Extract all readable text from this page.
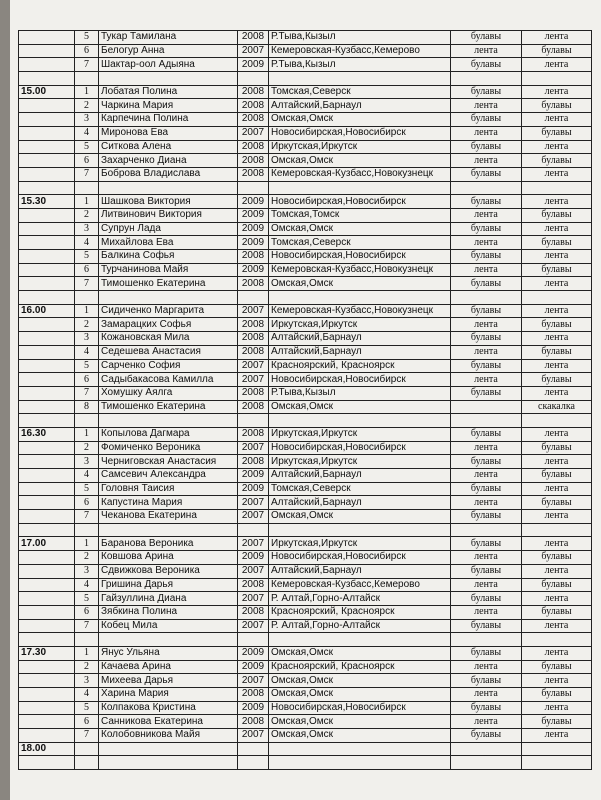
	5	Тукар Тамилана	2008	Р.Тыва,Кызыл	булавы	лента
	6	Белогур Анна	2007	Кемеровская-Кузбасс,Кемерово	лента	булавы
	7	Шактар-оол Адыяна	2009	Р.Тыва,Кызыл	булавы	лента

15.00	1	Лобатая Полина	2008	Томская,Северск	булавы	лента
	2	Чаркина Мария	2008	Алтайский,Барнаул	лента	булавы
	3	Карпечина Полина	2008	Омская,Омск	булавы	лента
	4	Миронова Ева	2007	Новосибирская,Новосибирск	лента	булавы
	5	Ситкова Алена	2008	Иркутская,Иркутск	булавы	лента
	6	Захарченко Диана	2008	Омская,Омск	лента	булавы
	7	Боброва Владислава	2008	Кемеровская-Кузбасс,Новокузнецк	булавы	лента

15.30	1	Шашкова Виктория	2009	Новосибирская,Новосибирск	булавы	лента
	2	Литвинович Виктория	2009	Томская,Томск	лента	булавы
	3	Супрун Лада	2009	Омская,Омск	булавы	лента
	4	Михайлова Ева	2009	Томская,Северск	лента	булавы
	5	Балкина Софья	2008	Новосибирская,Новосибирск	булавы	лента
	6	Турчанинова Майя	2009	Кемеровская-Кузбасс,Новокузнецк	лента	булавы
	7	Тимошенко Екатерина	2008	Омская,Омск	булавы	лента

16.00	1	Сидиченко Маргарита	2007	Кемеровская-Кузбасс,Новокузнецк	булавы	лента
	2	Замарацких Софья	2008	Иркутская,Иркутск	лента	булавы
	3	Кожановская Мила	2008	Алтайский,Барнаул	булавы	лента
	4	Седешева Анастасия	2008	Алтайский,Барнаул	лента	булавы
	5	Сарченко София	2007	Красноярский, Красноярск	булавы	лента
	6	Садыбакасова Камилла	2007	Новосибирская,Новосибирск	лента	булавы
	7	Хомушку Аялга	2008	Р.Тыва,Кызыл	булавы	лента
	8	Тимошенко Екатерина	2008	Омская,Омск		скакалка

16.30	1	Копылова Дагмара	2008	Иркутская,Иркутск	булавы	лента
	2	Фомиченко Вероника	2007	Новосибирская,Новосибирск	лента	булавы
	3	Черниговская Анастасия	2008	Иркутская,Иркутск	булавы	лента
	4	Самсевич Александра	2009	Алтайский,Барнаул	лента	булавы
	5	Головня Таисия	2009	Томская,Северск	булавы	лента
	6	Капустина Мария	2007	Алтайский,Барнаул	лента	булавы
	7	Чеканова Екатерина	2007	Омская,Омск	булавы	лента

17.00	1	Баранова Вероника	2007	Иркутская,Иркутск	булавы	лента
	2	Ковшова Арина	2009	Новосибирская,Новосибирск	лента	булавы
	3	Сдвижкова Вероника	2007	Алтайский,Барнаул	булавы	лента
	4	Гришина Дарья	2008	Кемеровская-Кузбасс,Кемерово	лента	булавы
	5	Гайзуллина Диана	2007	Р. Алтай,Горно-Алтайск	булавы	лента
	6	Зябкина Полина	2008	Красноярский, Красноярск	лента	булавы
	7	Кобец Мила	2007	Р. Алтай,Горно-Алтайск	булавы	лента

17.30	1	Янус Ульяна	2009	Омская,Омск	булавы	лента
	2	Качаева Арина	2009	Красноярский, Красноярск	лента	булавы
	3	Михеева Дарья	2007	Омская,Омск	булавы	лента
	4	Харина Мария	2008	Омская,Омск	лента	булавы
	5	Колпакова Кристина	2009	Новосибирская,Новосибирск	булавы	лента
	6	Санникова Екатерина	2008	Омская,Омск	лента	булавы
	7	Колобовникова Майя	2007	Омская,Омск	булавы	лента
18.00						
